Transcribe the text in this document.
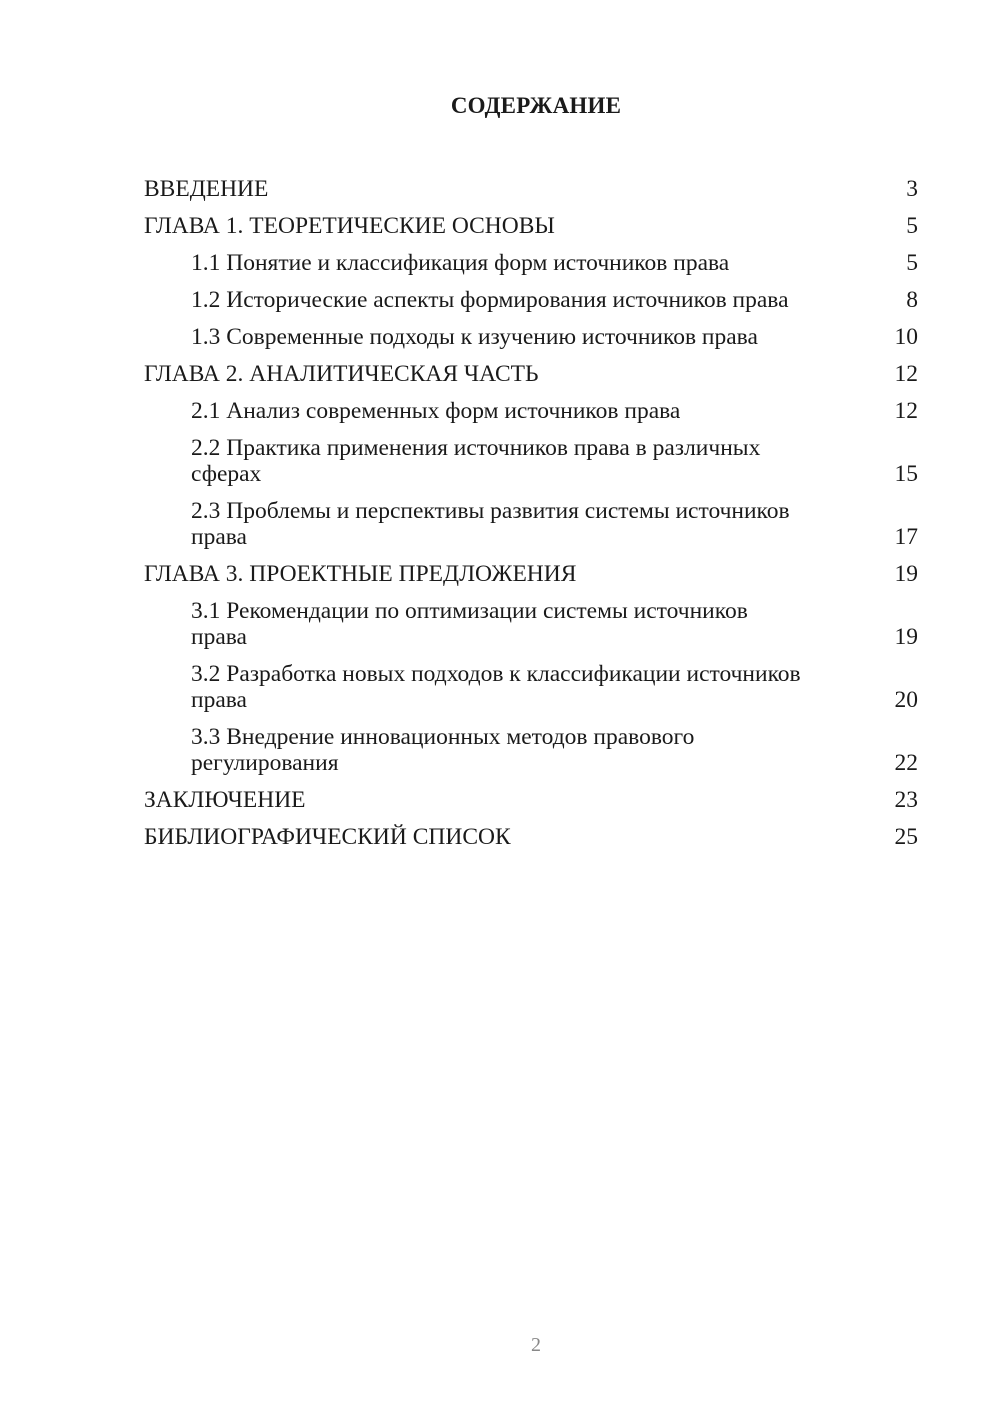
СОДЕРЖАНИЕ
ВВЕДЕНИЕ	3
ГЛАВА 1. ТЕОРЕТИЧЕСКИЕ ОСНОВЫ	5
1.1 Понятие и классификация форм источников права	5
1.2 Исторические аспекты формирования источников права	8
1.3 Современные подходы к изучению источников права	10
ГЛАВА 2. АНАЛИТИЧЕСКАЯ ЧАСТЬ	12
2.1 Анализ современных форм источников права	12
2.2 Практика применения источников права в различных сферах	15
2.3 Проблемы и перспективы развития системы источников права	17
ГЛАВА 3. ПРОЕКТНЫЕ ПРЕДЛОЖЕНИЯ	19
3.1 Рекомендации по оптимизации системы источников права	19
3.2 Разработка новых подходов к классификации источников права	20
3.3 Внедрение инновационных методов правового регулирования	22
ЗАКЛЮЧЕНИЕ	23
БИБЛИОГРАФИЧЕСКИЙ СПИСОК	25
2
